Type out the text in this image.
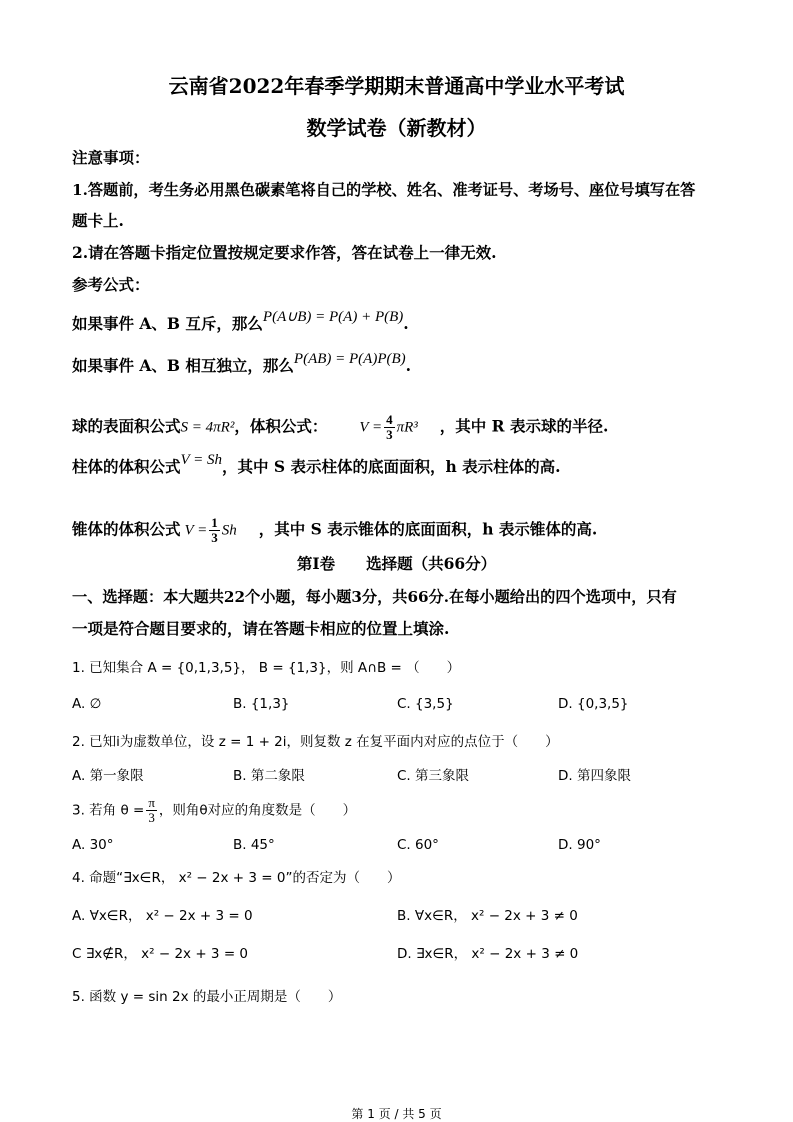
云南省2022年春季学期期末普通高中学业水平考试
数学试卷（新教材）
注意事项：
1.答题前，考生务必用黑色碳素笔将自己的学校、姓名、准考证号、考场号、座位号填写在答
题卡上.
2.请在答题卡指定位置按规定要求作答，答在试卷上一律无效.
参考公式：
如果事件 A、B 互斥，那么P(A∪B) = P(A) + P(B).
如果事件 A、B 相互独立，那么P(AB) = P(A)P(B).
球的表面积公式S = 4πR²，体积公式： $V = \frac{4}{3} \pi R^3$ ，其中 R 表示球的半径.
柱体的体积公式V = Sh，其中 S 表示柱体的底面面积，h 表示柱体的高.
锥体的体积公式 $V = \frac{1}{3}$ Sh ，其中 S 表示锥体的底面面积，h 表示锥体的高.
第Ⅰ卷　　选择题（共66分）
一、选择题：本大题共22个小题，每小题3分，共66分.在每小题给出的四个选项中，只有
一项是符合题目要求的，请在答题卡相应的位置上填涂.
1. 已知集合 A = {0,1,3,5}， B = {1,3}，则 A∩B = （　　）
A. ∅	B. {1,3}	C. {3,5}	D. {0,3,5}
2. 已知i为虚数单位，设 z = 1 + 2i，则复数 z 在复平面内对应的点位于（　　）
A. 第一象限	B. 第二象限	C. 第三象限	D. 第四象限
3. 若角 $\theta = \frac{\pi}{3}$ ，则角θ对应的角度数是（　　）
A. 30°	B. 45°	C. 60°	D. 90°
4. 命题“∃x∈R， x² − 2x + 3 = 0”的否定为（　　）
A. ∀x∈R， x² − 2x + 3 = 0	B. ∀x∈R， x² − 2x + 3 ≠ 0
C ∃x∉R， x² − 2x + 3 = 0	D. ∃x∈R， x² − 2x + 3 ≠ 0
5. 函数 y = sin 2x 的最小正周期是（　　）
第 1 页 / 共 5 页
